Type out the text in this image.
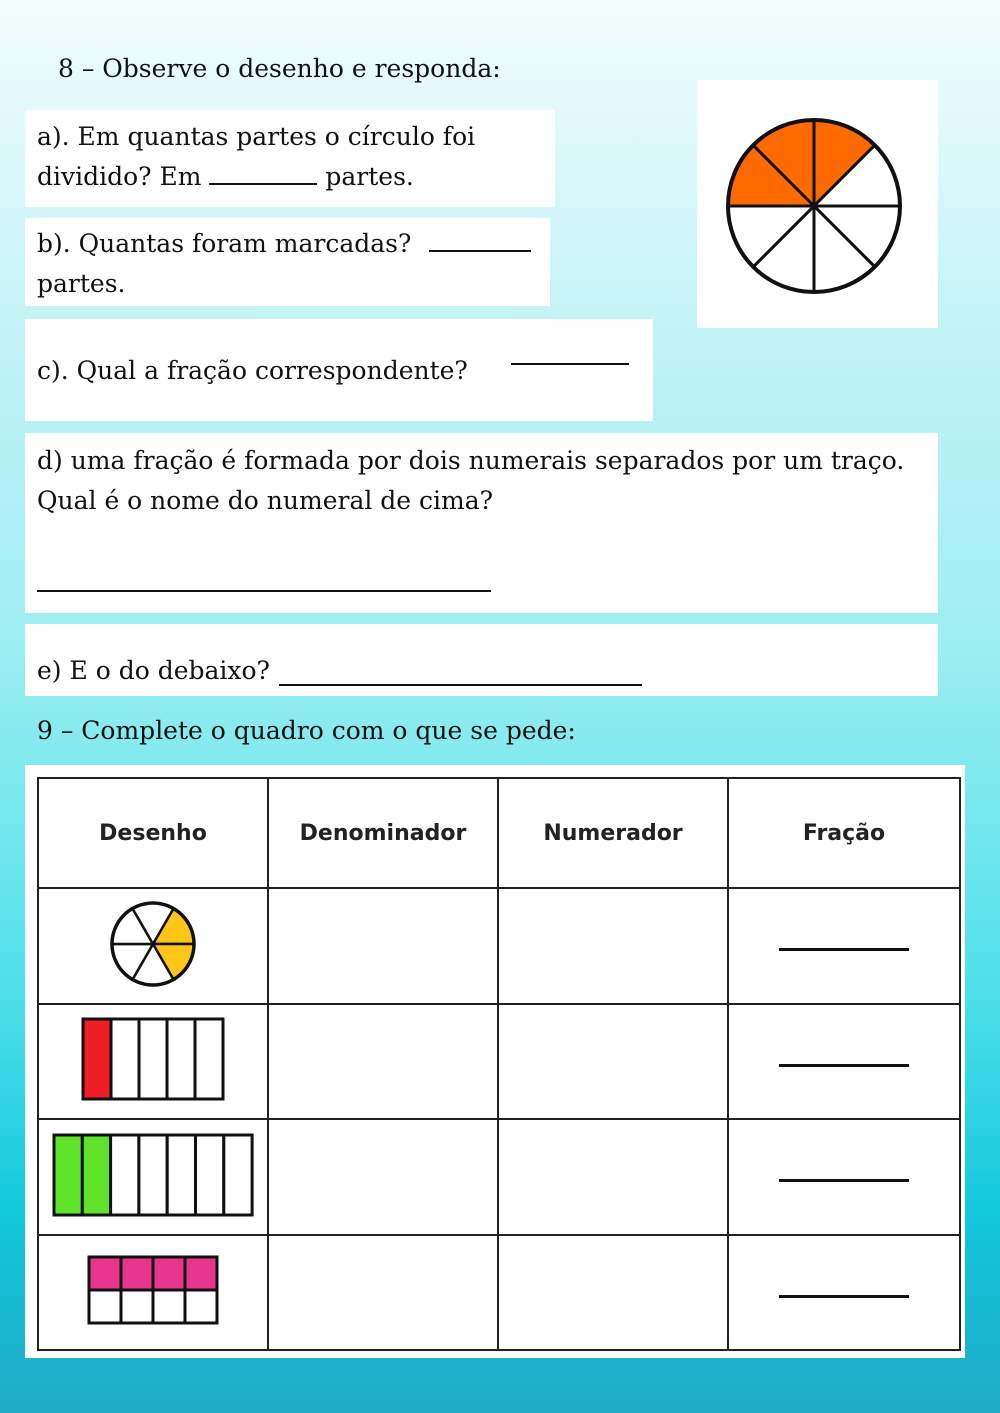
8 – Observe o desenho e responda:
a). Em quantas partes o círculo foi
dividido? Em	partes.
b). Quantas foram marcadas?
partes.
c). Qual a fração correspondente?
d) uma fração é formada por dois numerais separados por um traço.
Qual é o nome do numeral de cima?
e) E o do debaixo?
9 – Complete o quadro com o que se pede:
Desenho	Denominador	Numerador	Fração
